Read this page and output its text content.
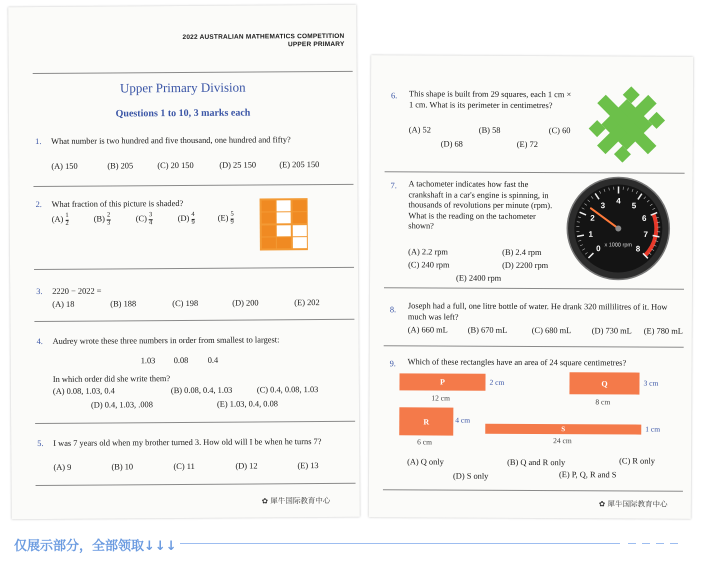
2022 AUSTRALIAN MATHEMATICS COMPETITION
UPPER PRIMARY
Upper Primary Division
Questions 1 to 10, 3 marks each
1. What number is two hundred and five thousand, one hundred and fifty?
(A) 150	(B) 205	(C) 20 150	(D) 25 150	(E) 205 150
2. What fraction of this picture is shaded?
$(A) \frac{1}{2}$	$(B) \frac{2}{3}$	$(C) \frac{3}{4}$	$(D) \frac{4}{9}$	$(E) \frac{5}{9}$
3. 2220 − 2022 =
(A) 18	(B) 188	(C) 198	(D) 200	(E) 202
4. Audrey wrote these three numbers in order from smallest to largest:
1.03 0.08 0.4
In which order did she write them?
(A) 0.08, 1.03, 0.4	(B) 0.08, 0.4, 1.03	(C) 0.4, 0.08, 1.03
(D) 0.4, 1.03, .008	(E) 1.03, 0.4, 0.08
5. I was 7 years old when my brother turned 3. How old will I be when he turns 7?
(A) 9	(B) 10	(C) 11	(D) 12	(E) 13
✿ 犀牛国际教育中心
6. This shape is built from 29 squares, each 1 cm × 1 cm. What is its perimeter in centimetres?
(A) 52	(B) 58	(C) 60
(D) 68	(E) 72
7. A tachometer indicates how fast the crankshaft in a car's engine is spinning, in thousands of revolutions per minute (rpm). What is the reading on the tachometer shown?
(A) 2.2 rpm	(B) 2.4 rpm
(C) 240 rpm	(D) 2200 rpm
(E) 2400 rpm
0
1
2
3
4
5
6
7
8
x 1000 rpm
8. Joseph had a full, one litre bottle of water. He drank 320 millilitres of it. How much was left?
(A) 660 mL (B) 670 mL	(C) 680 mL (D) 730 mL (E) 780 mL
9. Which of these rectangles have an area of 24 square centimetres?
P	2 cm
12 cm
Q	3 cm
8 cm
R	4 cm
6 cm
S	1 cm
24 cm
(A) Q only	(B) Q and R only	(C) R only
(D) S only	(E) P, Q, R and S
✿ 犀牛国际教育中心
仅展示部分，全部领取↓↓↓
